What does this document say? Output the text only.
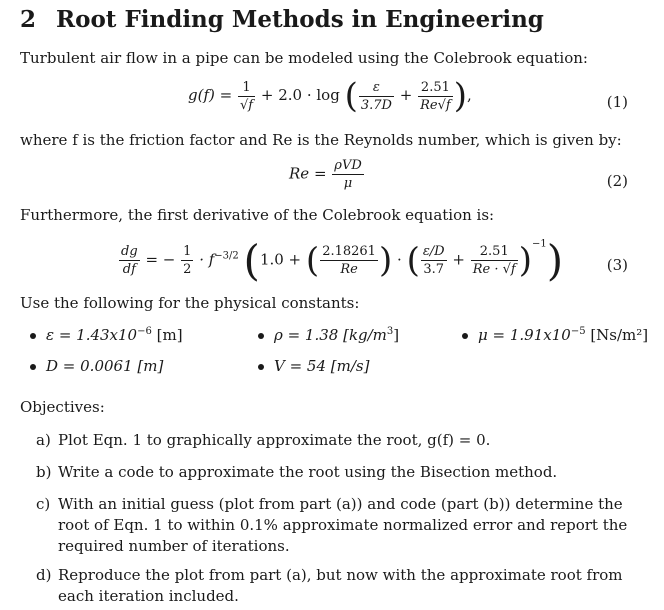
2 Root Finding Methods in Engineering
Turbulent air flow in a pipe can be modeled using the Colebrook equation:
$g(f) = \frac{1}{√f} + 2.0 \cdot \log$ ( $\frac{\varepsilon}{3.7D} + \frac{2.51}{Re√f}$ ),	(1)
where f is the friction factor and Re is the Reynolds number, which is given by:
$Re = \frac{\text{ρVD}}{\mu}$	(2)
Furthermore, the first derivative of the Colebrook equation is:
$\frac{dg}{df}$ = − $\frac{1}{2} \cdot f^{-3/2}$ (1.0 + ( $\frac{2.18261}{Re}$ ) · ( $\frac{\varepsilon/D}{3.7} + \frac{2.51}{Re \cdot √f} )^{-1}$)	(3)
Use the following for the physical constants:
$\varepsilon = 1.43x10^{-6}$ [m]	ρ = 1.38 $[kg/m^3]$	$\mu = 1.91x10^{-5}$ [Ns/m²]
D = 0.0061 [m]	V = 54 [m/s]
Objectives:
a) Plot Eqn. 1 to graphically approximate the root, g(f) = 0.
b) Write a code to approximate the root using the Bisection method.
c) With an initial guess (plot from part (a)) and code (part (b)) determine the root of Eqn. 1 to within 0.1% approximate normalized error and report the required number of iterations.
d) Reproduce the plot from part (a), but now with the approximate root from each iteration included.
